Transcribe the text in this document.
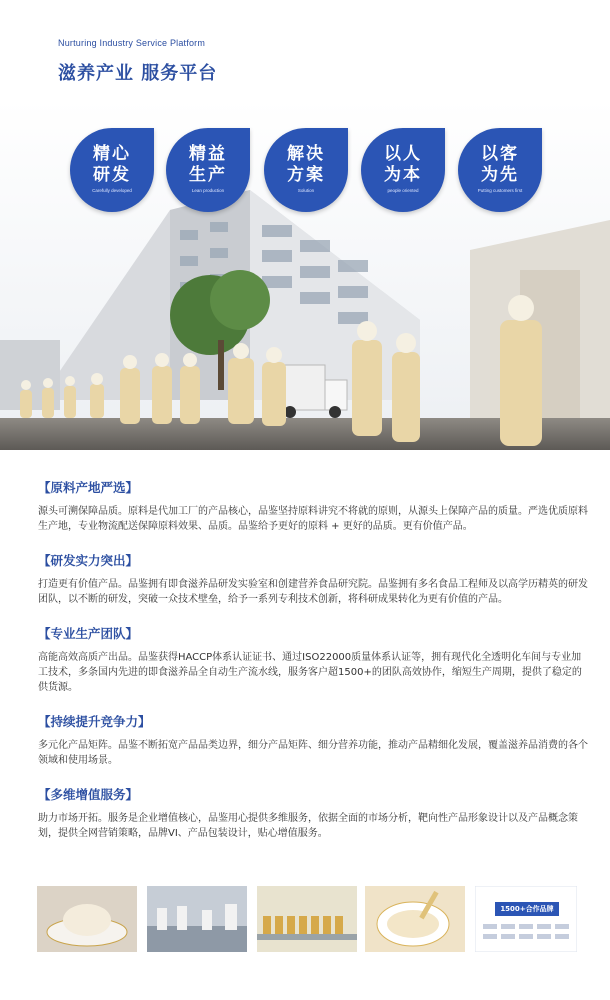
Nurturing Industry Service Platform
滋养产业 服务平台
精心
研发
Carefully developed
精益
生产
Lean production
解决
方案
Solution
以人
为本
people oriented
以客
为先
Putting customers first
【原料产地严选】

源头可溯保障品质。原料是代加工厂的产品核心，品鉴坚持原料讲究不将就的原则，从源头上保障产品的质量。严选优质原料生产地，专业物流配送保障原料效果、品质。品鉴给予更好的原料 + 更好的品质。更有价值产品。

【研发实力突出】

打造更有价值产品。品鉴拥有即食滋养品研发实验室和创建营养食品研究院。品鉴拥有多名食品工程师及以高学历精英的研发团队，以不断的研发，突破一众技术壁垒，给予一系列专利技术创新，将科研成果转化为更有价值的产品。

【专业生产团队】

高能高效高质产出品。品鉴获得HACCP体系认证证书、通过ISO22000质量体系认证等，拥有现代化全透明化车间与专业加工技术，多条国内先进的即食滋养品全自动生产流水线，服务客户超1500+的团队高效协作，缩短生产周期，提供了稳定的供货源。

【持续提升竞争力】

多元化产品矩阵。品鉴不断拓宽产品品类边界，细分产品矩阵、细分营养功能，推动产品精细化发展，覆盖滋养品消费的各个领域和使用场景。

【多维增值服务】

助力市场开拓。服务是企业增值核心，品鉴用心提供多维服务，依据全面的市场分析，靶向性产品形象设计以及产品概念策划，提供全网营销策略，品牌VI、产品包装设计，贴心增值服务。

1500+合作品牌
